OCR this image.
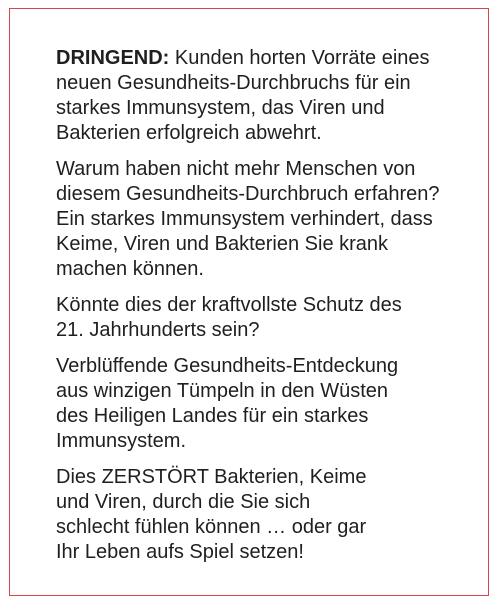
DRINGEND: Kunden horten Vorräte eines
neuen Gesundheits-Durchbruchs für ein
starkes Immunsystem, das Viren und
Bakterien erfolgreich abwehrt.

Warum haben nicht mehr Menschen von
diesem Gesundheits-Durchbruch erfahren?
Ein starkes Immunsystem verhindert, dass
Keime, Viren und Bakterien Sie krank
machen können.

Könnte dies der kraftvollste Schutz des
21. Jahrhunderts sein?

Verblüffende Gesundheits-Entdeckung
aus winzigen Tümpeln in den Wüsten
des Heiligen Landes für ein starkes
Immunsystem.

Dies ZERSTÖRT Bakterien, Keime
und Viren, durch die Sie sich
schlecht fühlen können … oder gar
Ihr Leben aufs Spiel setzen!
